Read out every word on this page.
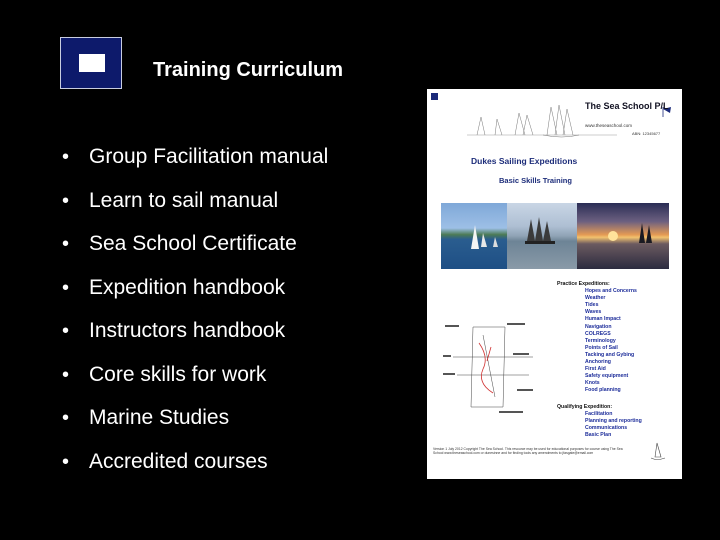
Training Curriculum
• Group Facilitation manual
• Learn to sail manual
• Sea School Certificate
• Expedition handbook
• Instructors handbook
• Core skills for work
• Marine Studies
• Accredited courses
The Sea School P/L
www.theseaschool.com
ABN: 12345677
Dukes Sailing Expeditions
Basic Skills Training
Practice Expeditions:
Hopes and Concerns
Weather
Tides
Waves
Human Impact
Navigation
COLREGS
Terminology
Points of Sail
Tacking and Gybing
Anchoring
First Aid
Safety equipment
Knots
Food planning
Qualifying Expedition:
Facilitation
Planning and reporting
Communications
Basic Plan
Version 1 July 2012 Copyright The Sea School. This resource may be used for educational purposes for course using The Sea School www.theseaschool.com or dunesinne and for finding tools any amendments to jfasgate@email.com
